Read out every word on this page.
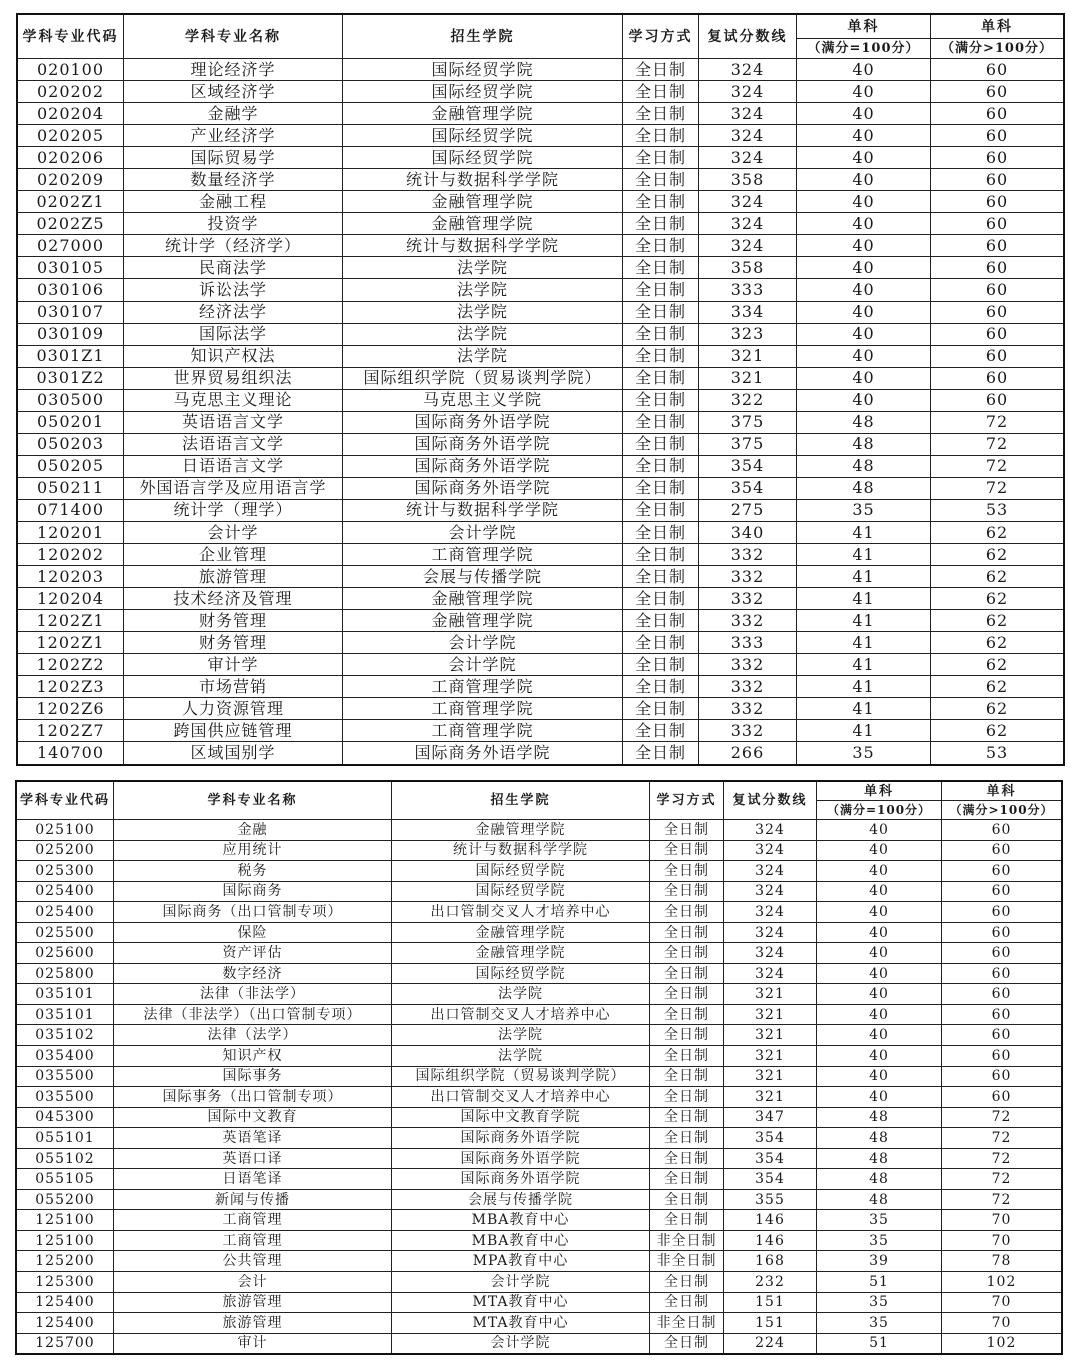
学科专业代码	学科专业名称	招生学院	学习方式	复试分数线
单科
（满分=100分）
单科
（满分>100分）
020100	理论经济学	国际经贸学院	全日制	324	40	60
020202	区域经济学	国际经贸学院	全日制	324	40	60
020204	金融学	金融管理学院	全日制	324	40	60
020205	产业经济学	国际经贸学院	全日制	324	40	60
020206	国际贸易学	国际经贸学院	全日制	324	40	60
020209	数量经济学	统计与数据科学学院	全日制	358	40	60
0202Z1	金融工程	金融管理学院	全日制	324	40	60
0202Z5	投资学	金融管理学院	全日制	324	40	60
027000	统计学（经济学）	统计与数据科学学院	全日制	324	40	60
030105	民商法学	法学院	全日制	358	40	60
030106	诉讼法学	法学院	全日制	333	40	60
030107	经济法学	法学院	全日制	334	40	60
030109	国际法学	法学院	全日制	323	40	60
0301Z1	知识产权法	法学院	全日制	321	40	60
0301Z2	世界贸易组织法	国际组织学院（贸易谈判学院）	全日制	321	40	60
030500	马克思主义理论	马克思主义学院	全日制	322	40	60
050201	英语语言文学	国际商务外语学院	全日制	375	48	72
050203	法语语言文学	国际商务外语学院	全日制	375	48	72
050205	日语语言文学	国际商务外语学院	全日制	354	48	72
050211	外国语言学及应用语言学	国际商务外语学院	全日制	354	48	72
071400	统计学（理学）	统计与数据科学学院	全日制	275	35	53
120201	会计学	会计学院	全日制	340	41	62
120202	企业管理	工商管理学院	全日制	332	41	62
120203	旅游管理	会展与传播学院	全日制	332	41	62
120204	技术经济及管理	金融管理学院	全日制	332	41	62
1202Z1	财务管理	金融管理学院	全日制	332	41	62
1202Z1	财务管理	会计学院	全日制	333	41	62
1202Z2	审计学	会计学院	全日制	332	41	62
1202Z3	市场营销	工商管理学院	全日制	332	41	62
1202Z6	人力资源管理	工商管理学院	全日制	332	41	62
1202Z7	跨国供应链管理	工商管理学院	全日制	332	41	62
140700	区域国别学	国际商务外语学院	全日制	266	35	53
学科专业代码	学科专业名称	招生学院	学习方式	复试分数线
单科
（满分=100分）
单科
（满分>100分）
025100	金融	金融管理学院	全日制	324	40	60
025200	应用统计	统计与数据科学学院	全日制	324	40	60
025300	税务	国际经贸学院	全日制	324	40	60
025400	国际商务	国际经贸学院	全日制	324	40	60
025400	国际商务（出口管制专项）	出口管制交叉人才培养中心	全日制	324	40	60
025500	保险	金融管理学院	全日制	324	40	60
025600	资产评估	金融管理学院	全日制	324	40	60
025800	数字经济	国际经贸学院	全日制	324	40	60
035101	法律（非法学）	法学院	全日制	321	40	60
035101	法律（非法学）（出口管制专项）	出口管制交叉人才培养中心	全日制	321	40	60
035102	法律（法学）	法学院	全日制	321	40	60
035400	知识产权	法学院	全日制	321	40	60
035500	国际事务	国际组织学院（贸易谈判学院）	全日制	321	40	60
035500	国际事务（出口管制专项）	出口管制交叉人才培养中心	全日制	321	40	60
045300	国际中文教育	国际中文教育学院	全日制	347	48	72
055101	英语笔译	国际商务外语学院	全日制	354	48	72
055102	英语口译	国际商务外语学院	全日制	354	48	72
055105	日语笔译	国际商务外语学院	全日制	354	48	72
055200	新闻与传播	会展与传播学院	全日制	355	48	72
125100	工商管理	MBA教育中心	全日制	146	35	70
125100	工商管理	MBA教育中心	非全日制	146	35	70
125200	公共管理	MPA教育中心	非全日制	168	39	78
125300	会计	会计学院	全日制	232	51	102
125400	旅游管理	MTA教育中心	全日制	151	35	70
125400	旅游管理	MTA教育中心	非全日制	151	35	70
125700	审计	会计学院	全日制	224	51	102
